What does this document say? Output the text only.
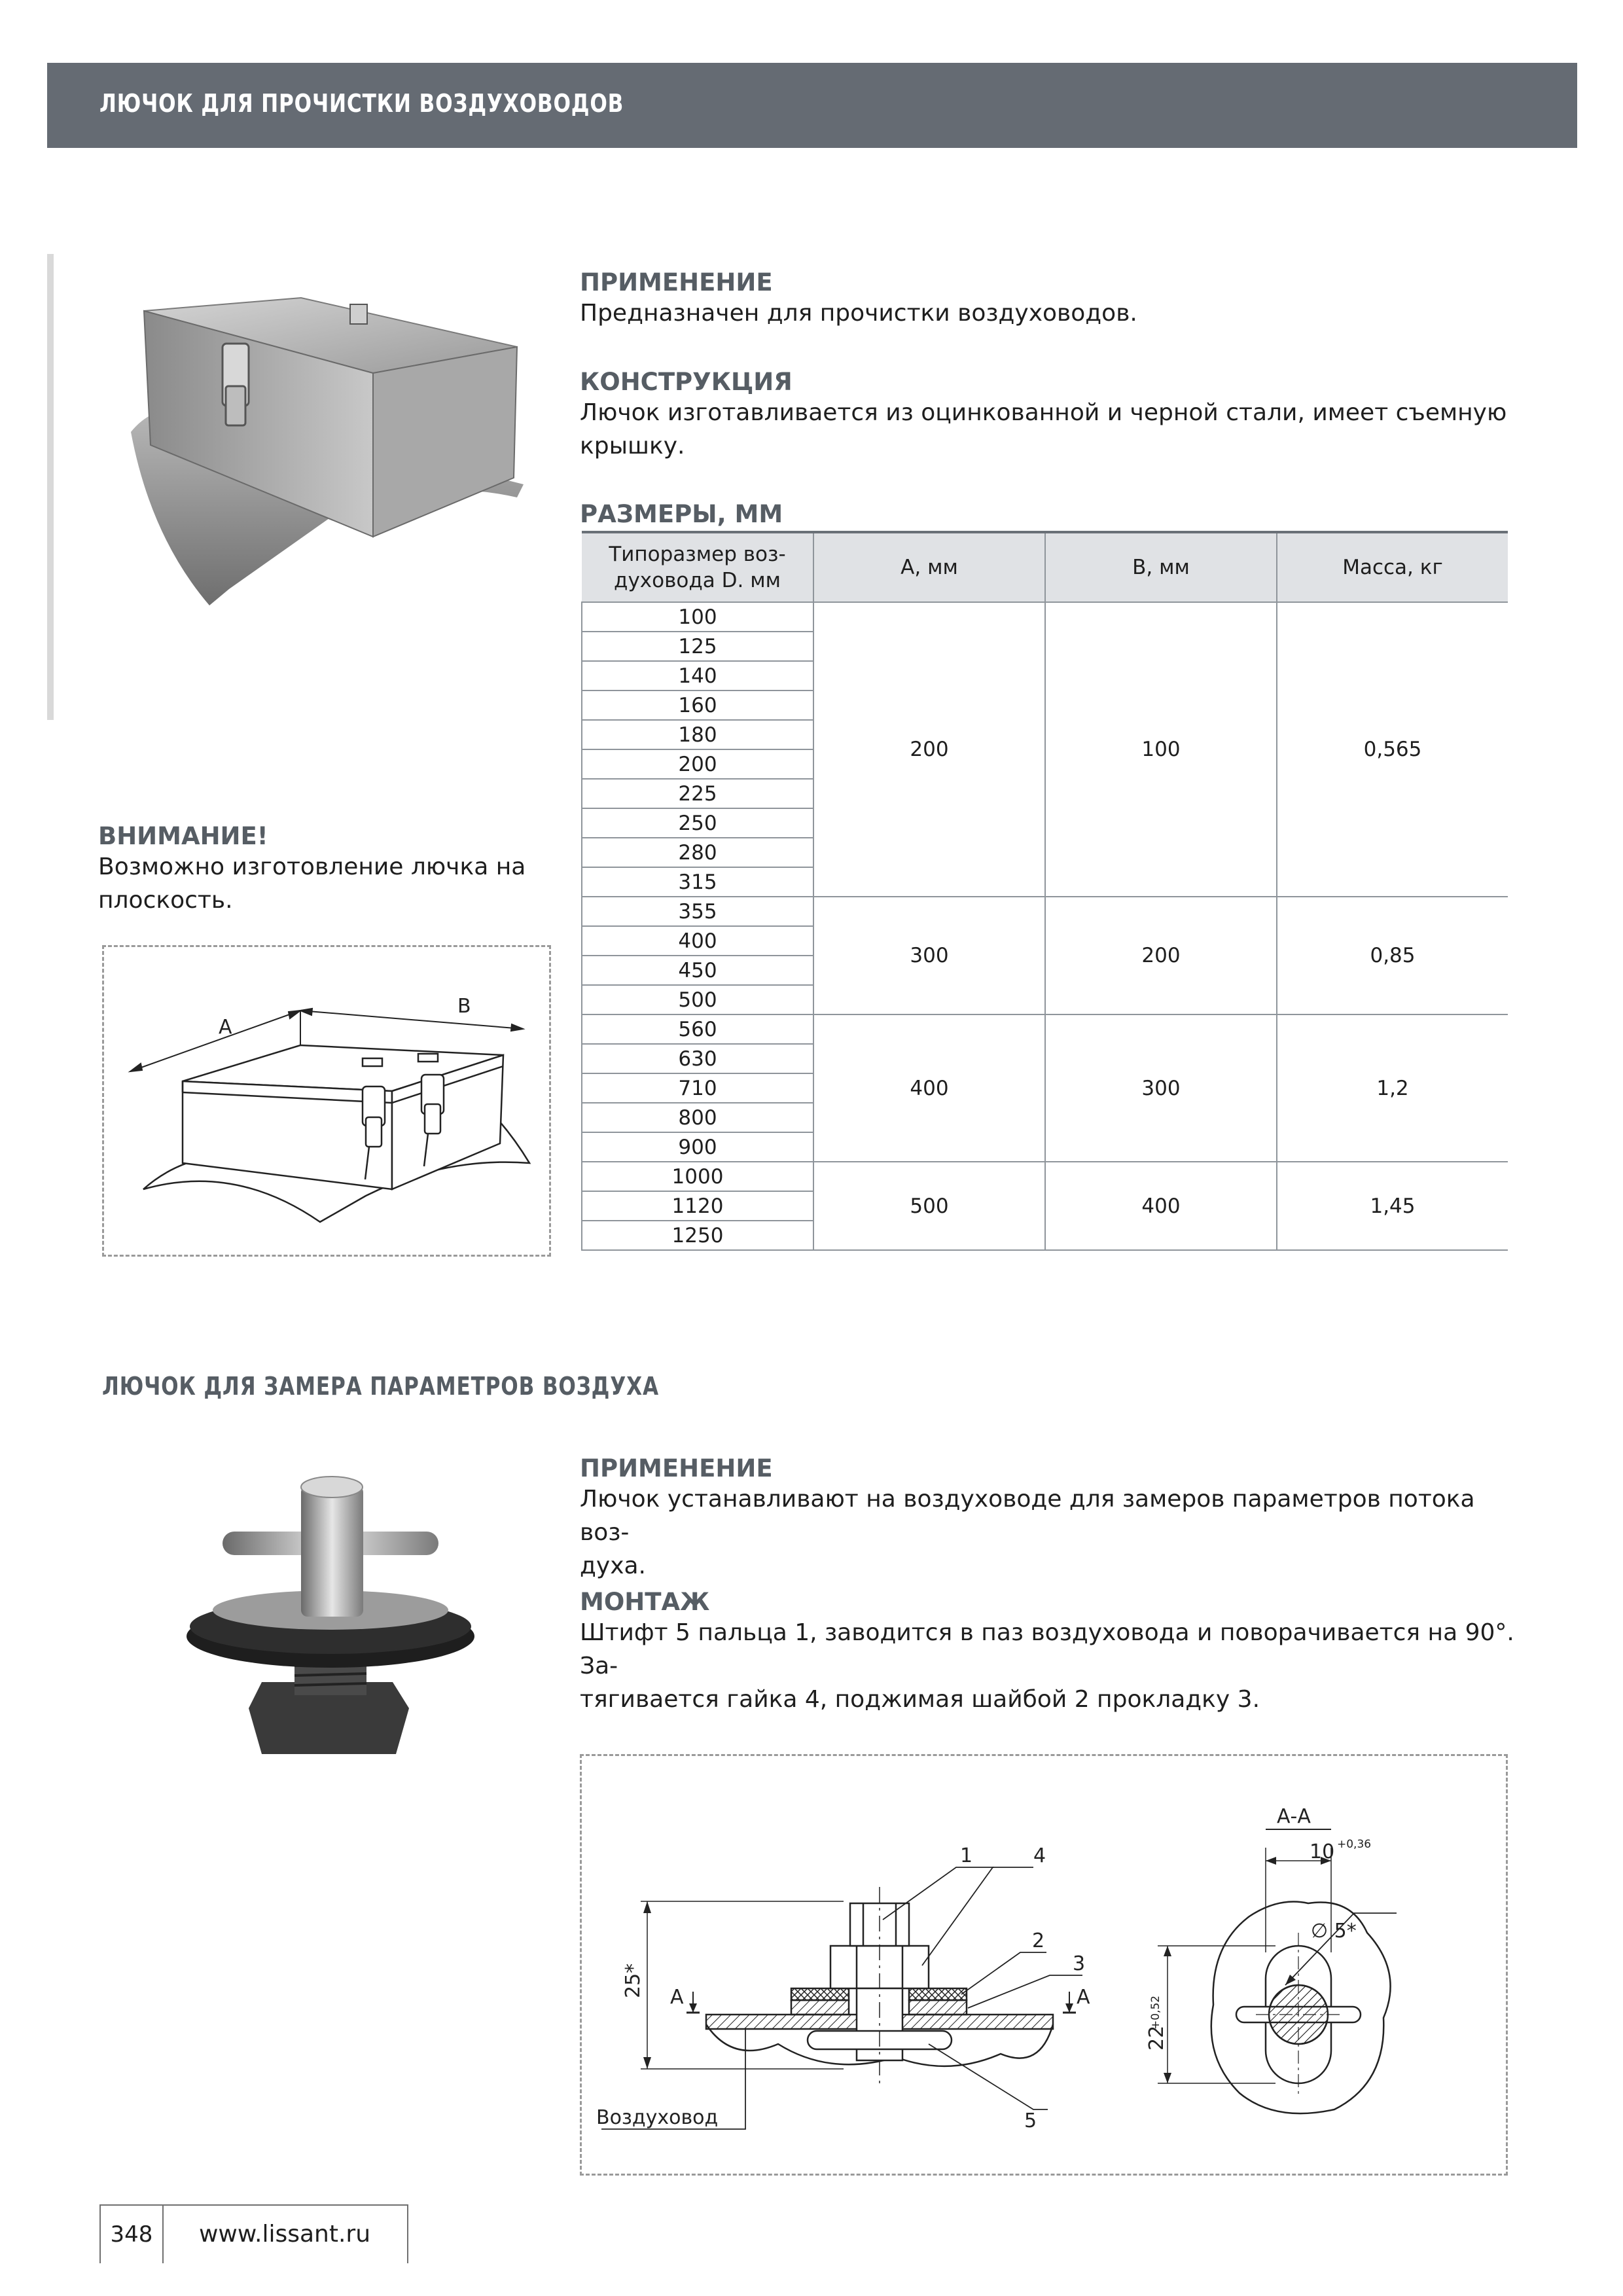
ЛЮЧОК ДЛЯ ПРОЧИСТКИ ВОЗДУХОВОДОВ

ПРИМЕНЕНИЕ

Предназначен для прочистки воздуховодов.

КОНСТРУКЦИЯ

Лючок изготавливается из оцинкованной и черной стали, имеет съемную

крышку.

РАЗМЕРЫ, ММ

Типоразмер воз-
духовода D. мм	А, мм	В, мм	Масса, кг
100	200	100	0,565
125			
140			
160			
180			
200			
225			
250			
280			
315			
355	300	200	0,85
400			
450			
500			
560	400	300	1,2
630			
710			
800			
900			
1000	500	400	1,45
1120			
1250			

ВНИМАНИЕ!

Возможно изготовление лючка на

плоскость.

A
B
ЛЮЧОК ДЛЯ ЗАМЕРА ПАРАМЕТРОВ ВОЗДУХА

ПРИМЕНЕНИЕ

Лючок устанавливают на воздуховоде для замеров параметров потока воз-

духа.

МОНТАЖ

Штифт 5 пальца 1, заводится в паз воздуховода и поворачивается на 90°. За-

тягивается гайка 4, поджимая шайбой 2 прокладку 3.

1	4
2
3
5
A	A
Воздуховод
А-А
∅ 5*
10 +0,36
25*
22
+0,52
348	www.lissant.ru
